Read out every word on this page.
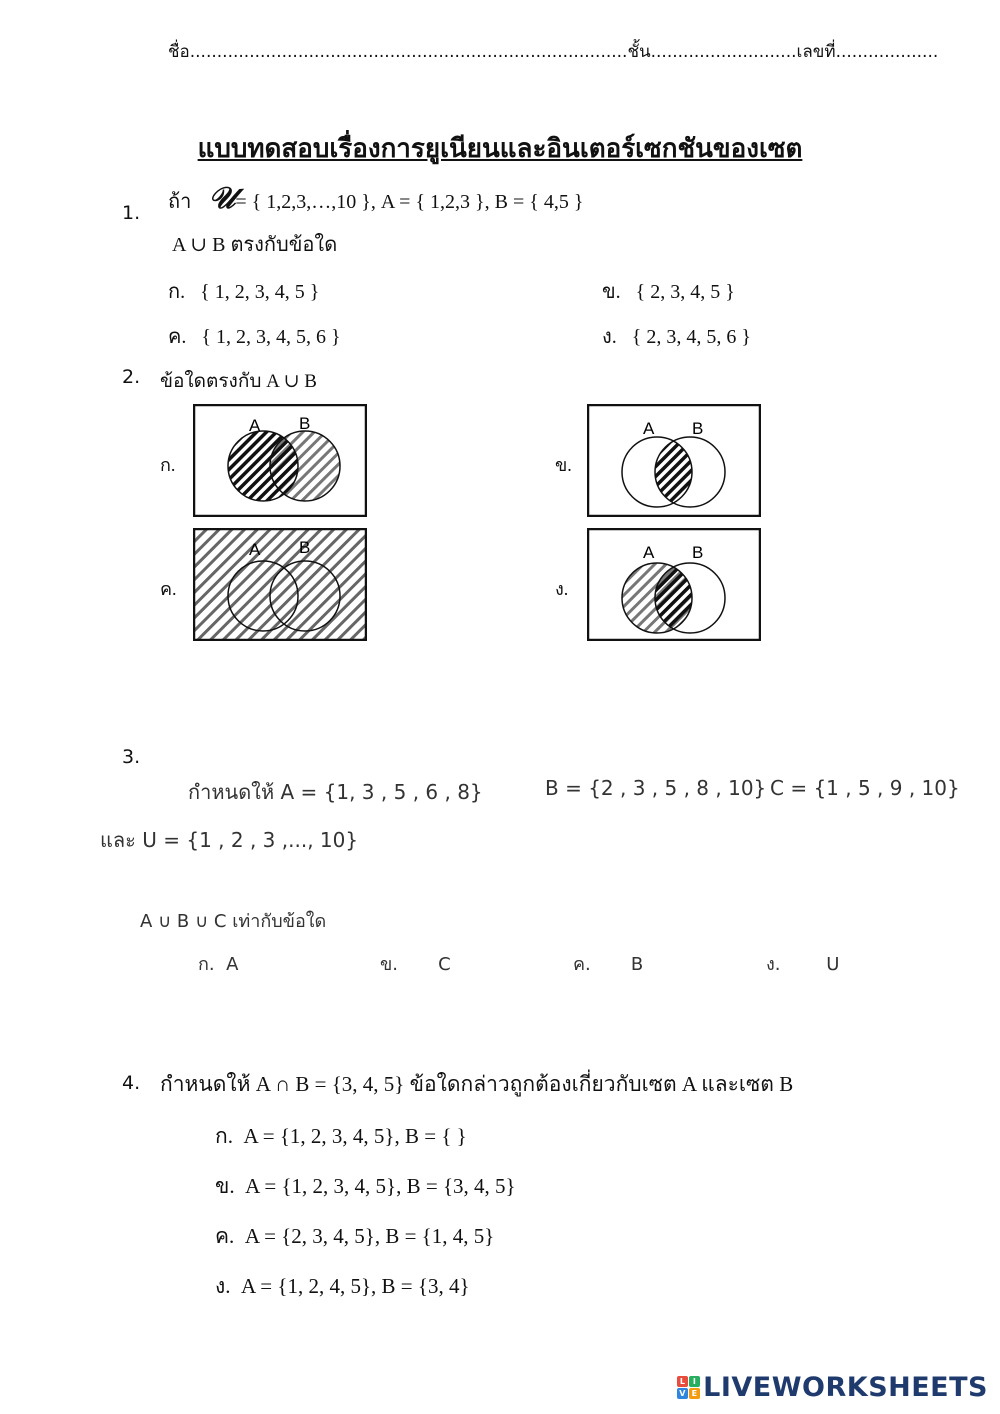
ชื่อ.................................................................................ชั้น...........................เลขที่...................
แบบทดสอบเรื่องการยูเนียนและอินเตอร์เซกชันของเซต
1. ถ้า 𝒰= { 1,2,3,…,10 }, A = { 1,2,3 }, B = { 4,5 }
A ∪ B ตรงกับข้อใด
ก. { 1, 2, 3, 4, 5 }	ข. { 2, 3, 4, 5 }
ค. { 1, 2, 3, 4, 5, 6 }	ง. { 2, 3, 4, 5, 6 }
2. ข้อใดตรงกับ A ∪ B
ก.	ข.
ค.	ง.
A B	A B
A B	A B
3.
กำหนดให้ A = {1, 3 , 5 , 6 , 8}	B = {2 , 3 , 5 , 8 , 10} C = {1 , 5 , 9 , 10}
และ U = {1 , 2 , 3 ,..., 10}
A ∪ B ∪ C เท่ากับข้อใด
ก. A	ข. C	ค. B	ง.	U
4. กำหนดให้ A ∩ B = {3, 4, 5} ข้อใดกล่าวถูกต้องเกี่ยวกับเซต A และเซต B
ก. A = {1, 2, 3, 4, 5}, B = { }
ข. A = {1, 2, 3, 4, 5}, B = {3, 4, 5}
ค. A = {2, 3, 4, 5}, B = {1, 4, 5}
ง. A = {1, 2, 4, 5}, B = {3, 4}
L I
V E LIVEWORKSHEETS
